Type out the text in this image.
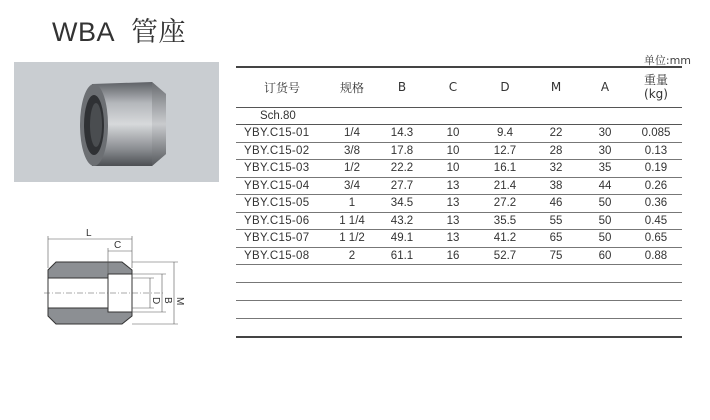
WBA 管座
单位:mm
L
C
D B M
订货号	规格	B	C	D	M	A	重量
(kg)

Sch.80							
YBY.C15-01	1/4	14.3	10	9.4	22	30	0.085
YBY.C15-02	3/8	17.8	10	12.7	28	30	0.13
YBY.C15-03	1/2	22.2	10	16.1	32	35	0.19
YBY.C15-04	3/4	27.7	13	21.4	38	44	0.26
YBY.C15-05	1	34.5	13	27.2	46	50	0.36
YBY.C15-06	1 1/4	43.2	13	35.5	55	50	0.45
YBY.C15-07	1 1/2	49.1	13	41.2	65	50	0.65
YBY.C15-08	2	61.1	16	52.7	75	60	0.88
